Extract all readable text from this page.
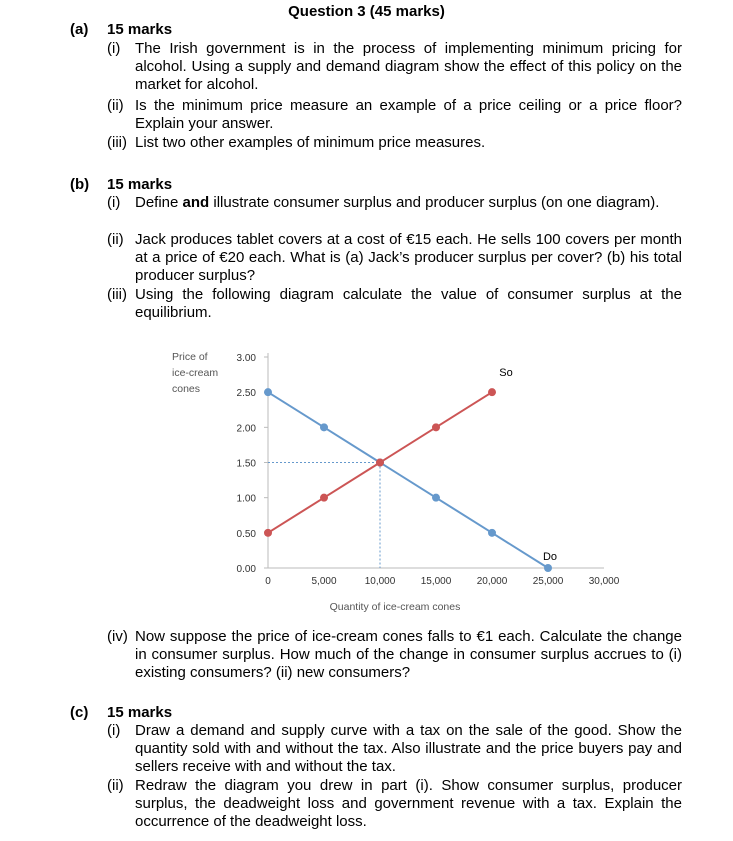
Question 3 (45 marks)
(a) 15 marks
(i) The Irish government is in the process of implementing minimum pricing for alcohol. Using a supply and demand diagram show the effect of this policy on the market for alcohol.
(ii) Is the minimum price measure an example of a price ceiling or a price floor? Explain your answer.
(iii) List two other examples of minimum price measures.
(b) 15 marks
(i) Define and illustrate consumer surplus and producer surplus (on one diagram).
(ii) Jack produces tablet covers at a cost of €15 each. He sells 100 covers per month at a price of €20 each. What is (a) Jack’s producer surplus per cover? (b) his total producer surplus?
(iii) Using the following diagram calculate the value of consumer surplus at the equilibrium.
Price of
ice-cream
cones
0.00
0.50
1.00
1.50
2.00
2.50
3.00
0	5,000	10,000	15,000	20,000	25,000	30,000
Do
So
Quantity of ice-cream cones
(iv) Now suppose the price of ice-cream cones falls to €1 each. Calculate the change in consumer surplus. How much of the change in consumer surplus accrues to (i) existing consumers? (ii) new consumers?
(c) 15 marks
(i) Draw a demand and supply curve with a tax on the sale of the good. Show the quantity sold with and without the tax. Also illustrate and the price buyers pay and sellers receive with and without the tax.
(ii) Redraw the diagram you drew in part (i). Show consumer surplus, producer surplus, the deadweight loss and government revenue with a tax. Explain the occurrence of the deadweight loss.
